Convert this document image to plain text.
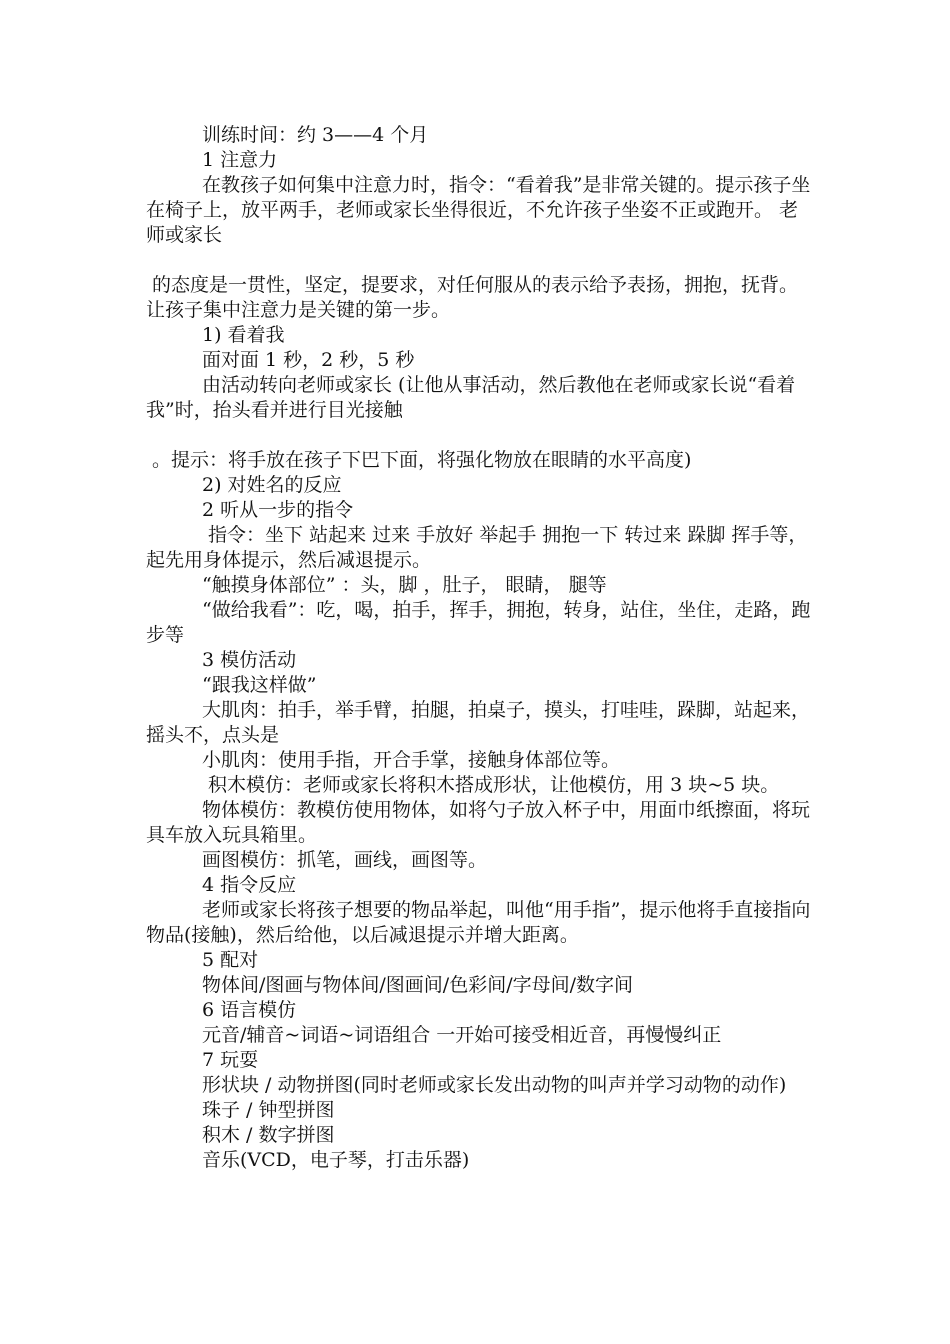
训练时间：约 3——4 个月

1 注意力

在教孩子如何集中注意力时，指令：“看着我”是非常关键的。提示孩子坐在椅子上，放平两手，老师或家长坐得很近，不允许孩子坐姿不正或跑开。 老师或家长

的态度是一贯性，坚定，提要求，对任何服从的表示给予表扬，拥抱，抚背。让孩子集中注意力是关键的第一步。

1) 看着我

面对面 1 秒，2 秒，5 秒

由活动转向老师或家长 (让他从事活动，然后教他在老师或家长说“看着我”时，抬头看并进行目光接触

。提示：将手放在孩子下巴下面，将强化物放在眼睛的水平高度)

2) 对姓名的反应

2 听从一步的指令

指令：坐下 站起来 过来 手放好 举起手 拥抱一下 转过来 跺脚 挥手等，起先用身体提示，然后减退提示。

“触摸身体部位” ：头，脚 ，肚子， 眼睛， 腿等

“做给我看”：吃，喝，拍手，挥手，拥抱，转身，站住，坐住，走路，跑步等

3 模仿活动

“跟我这样做”

大肌肉：拍手，举手臂，拍腿，拍桌子，摸头，打哇哇，跺脚，站起来，摇头不，点头是

小肌肉：使用手指，开合手掌，接触身体部位等。

积木模仿：老师或家长将积木搭成形状，让他模仿，用 3 块~5 块。

物体模仿：教模仿使用物体，如将勺子放入杯子中，用面巾纸擦面，将玩具车放入玩具箱里。

画图模仿：抓笔，画线，画图等。

4 指令反应

老师或家长将孩子想要的物品举起，叫他“用手指”，提示他将手直接指向物品(接触)，然后给他，以后减退提示并增大距离。

5 配对

物体间/图画与物体间/图画间/色彩间/字母间/数字间

6 语言模仿

元音/辅音~词语~词语组合 一开始可接受相近音，再慢慢纠正

7 玩耍

形状块 / 动物拼图(同时老师或家长发出动物的叫声并学习动物的动作)

珠子 / 钟型拼图

积木 / 数字拼图

音乐(VCD，电子琴，打击乐器)
